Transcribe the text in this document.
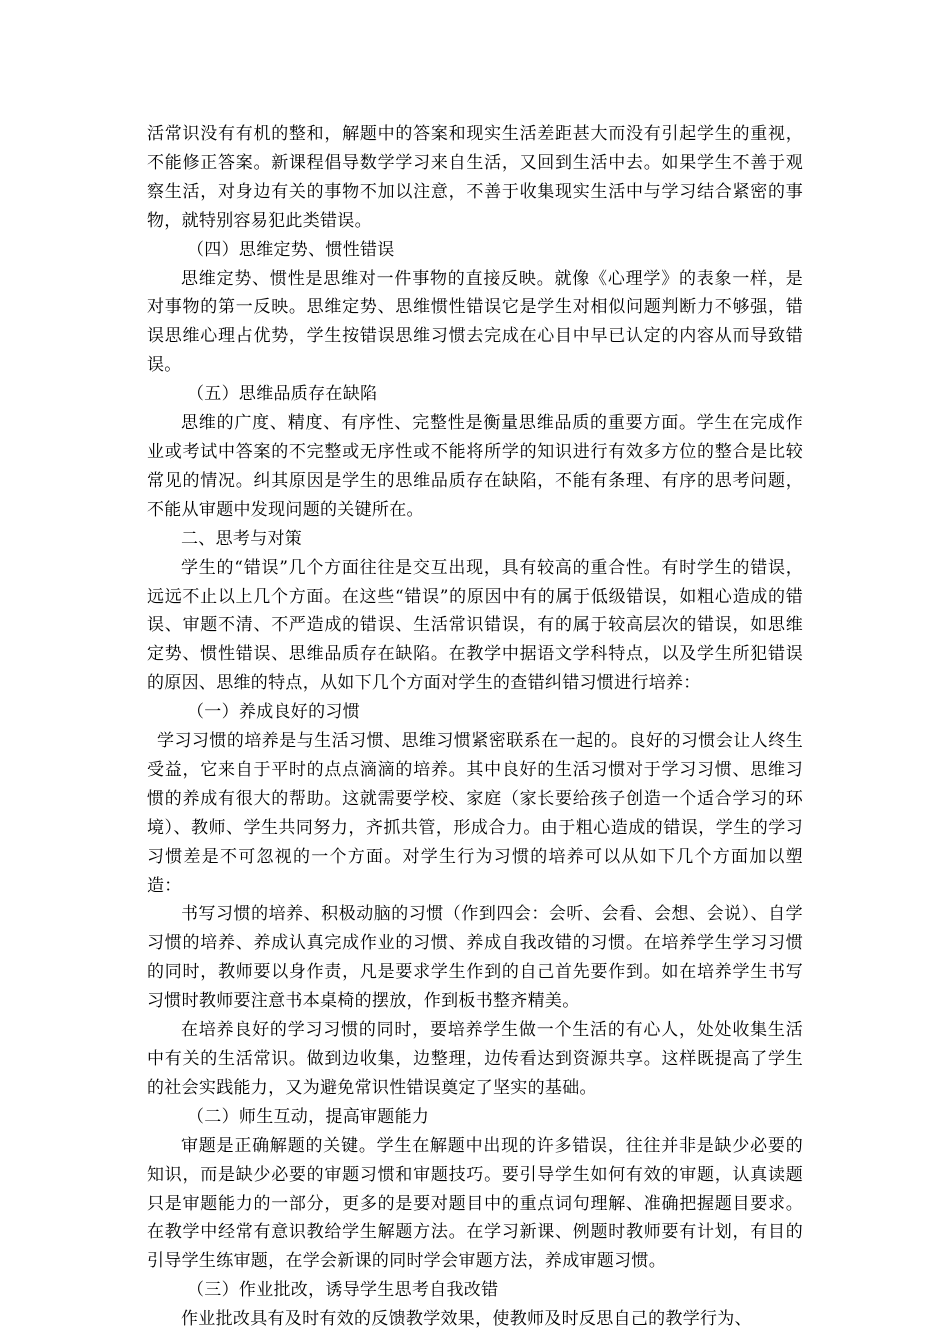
活常识没有有机的整和，解题中的答案和现实生活差距甚大而没有引起学生的重视，不能修正答案。新课程倡导数学学习来自生活，又回到生活中去。如果学生不善于观察生活，对身边有关的事物不加以注意，不善于收集现实生活中与学习结合紧密的事物，就特别容易犯此类错误。

（四）思维定势、惯性错误

思维定势、惯性是思维对一件事物的直接反映。就像《心理学》的表象一样，是对事物的第一反映。思维定势、思维惯性错误它是学生对相似问题判断力不够强，错误思维心理占优势，学生按错误思维习惯去完成在心目中早已认定的内容从而导致错误。

（五）思维品质存在缺陷

思维的广度、精度、有序性、完整性是衡量思维品质的重要方面。学生在完成作业或考试中答案的不完整或无序性或不能将所学的知识进行有效多方位的整合是比较常见的情况。纠其原因是学生的思维品质存在缺陷，不能有条理、有序的思考问题，不能从审题中发现问题的关键所在。

二、思考与对策

学生的“错误”几个方面往往是交互出现，具有较高的重合性。有时学生的错误，远远不止以上几个方面。在这些“错误”的原因中有的属于低级错误，如粗心造成的错误、审题不清、不严造成的错误、生活常识错误，有的属于较高层次的错误，如思维定势、惯性错误、思维品质存在缺陷。在教学中据语文学科特点，以及学生所犯错误的原因、思维的特点，从如下几个方面对学生的查错纠错习惯进行培养：

（一）养成良好的习惯

学习习惯的培养是与生活习惯、思维习惯紧密联系在一起的。良好的习惯会让人终生受益，它来自于平时的点点滴滴的培养。其中良好的生活习惯对于学习习惯、思维习惯的养成有很大的帮助。这就需要学校、家庭（家长要给孩子创造一个适合学习的环境）、教师、学生共同努力，齐抓共管，形成合力。由于粗心造成的错误，学生的学习习惯差是不可忽视的一个方面。对学生行为习惯的培养可以从如下几个方面加以塑造：

书写习惯的培养、积极动脑的习惯（作到四会：会听、会看、会想、会说）、自学习惯的培养、养成认真完成作业的习惯、养成自我改错的习惯。在培养学生学习习惯的同时，教师要以身作责，凡是要求学生作到的自己首先要作到。如在培养学生书写习惯时教师要注意书本桌椅的摆放，作到板书整齐精美。

在培养良好的学习习惯的同时，要培养学生做一个生活的有心人，处处收集生活中有关的生活常识。做到边收集，边整理，边传看达到资源共享。这样既提高了学生的社会实践能力，又为避免常识性错误奠定了坚实的基础。

（二）师生互动，提高审题能力

审题是正确解题的关键。学生在解题中出现的许多错误，往往并非是缺少必要的知识，而是缺少必要的审题习惯和审题技巧。要引导学生如何有效的审题，认真读题只是审题能力的一部分，更多的是要对题目中的重点词句理解、准确把握题目要求。在教学中经常有意识教给学生解题方法。在学习新课、例题时教师要有计划，有目的引导学生练审题，在学会新课的同时学会审题方法，养成审题习惯。

（三）作业批改，诱导学生思考自我改错

作业批改具有及时有效的反馈教学效果，使教师及时反思自己的教学行为、
